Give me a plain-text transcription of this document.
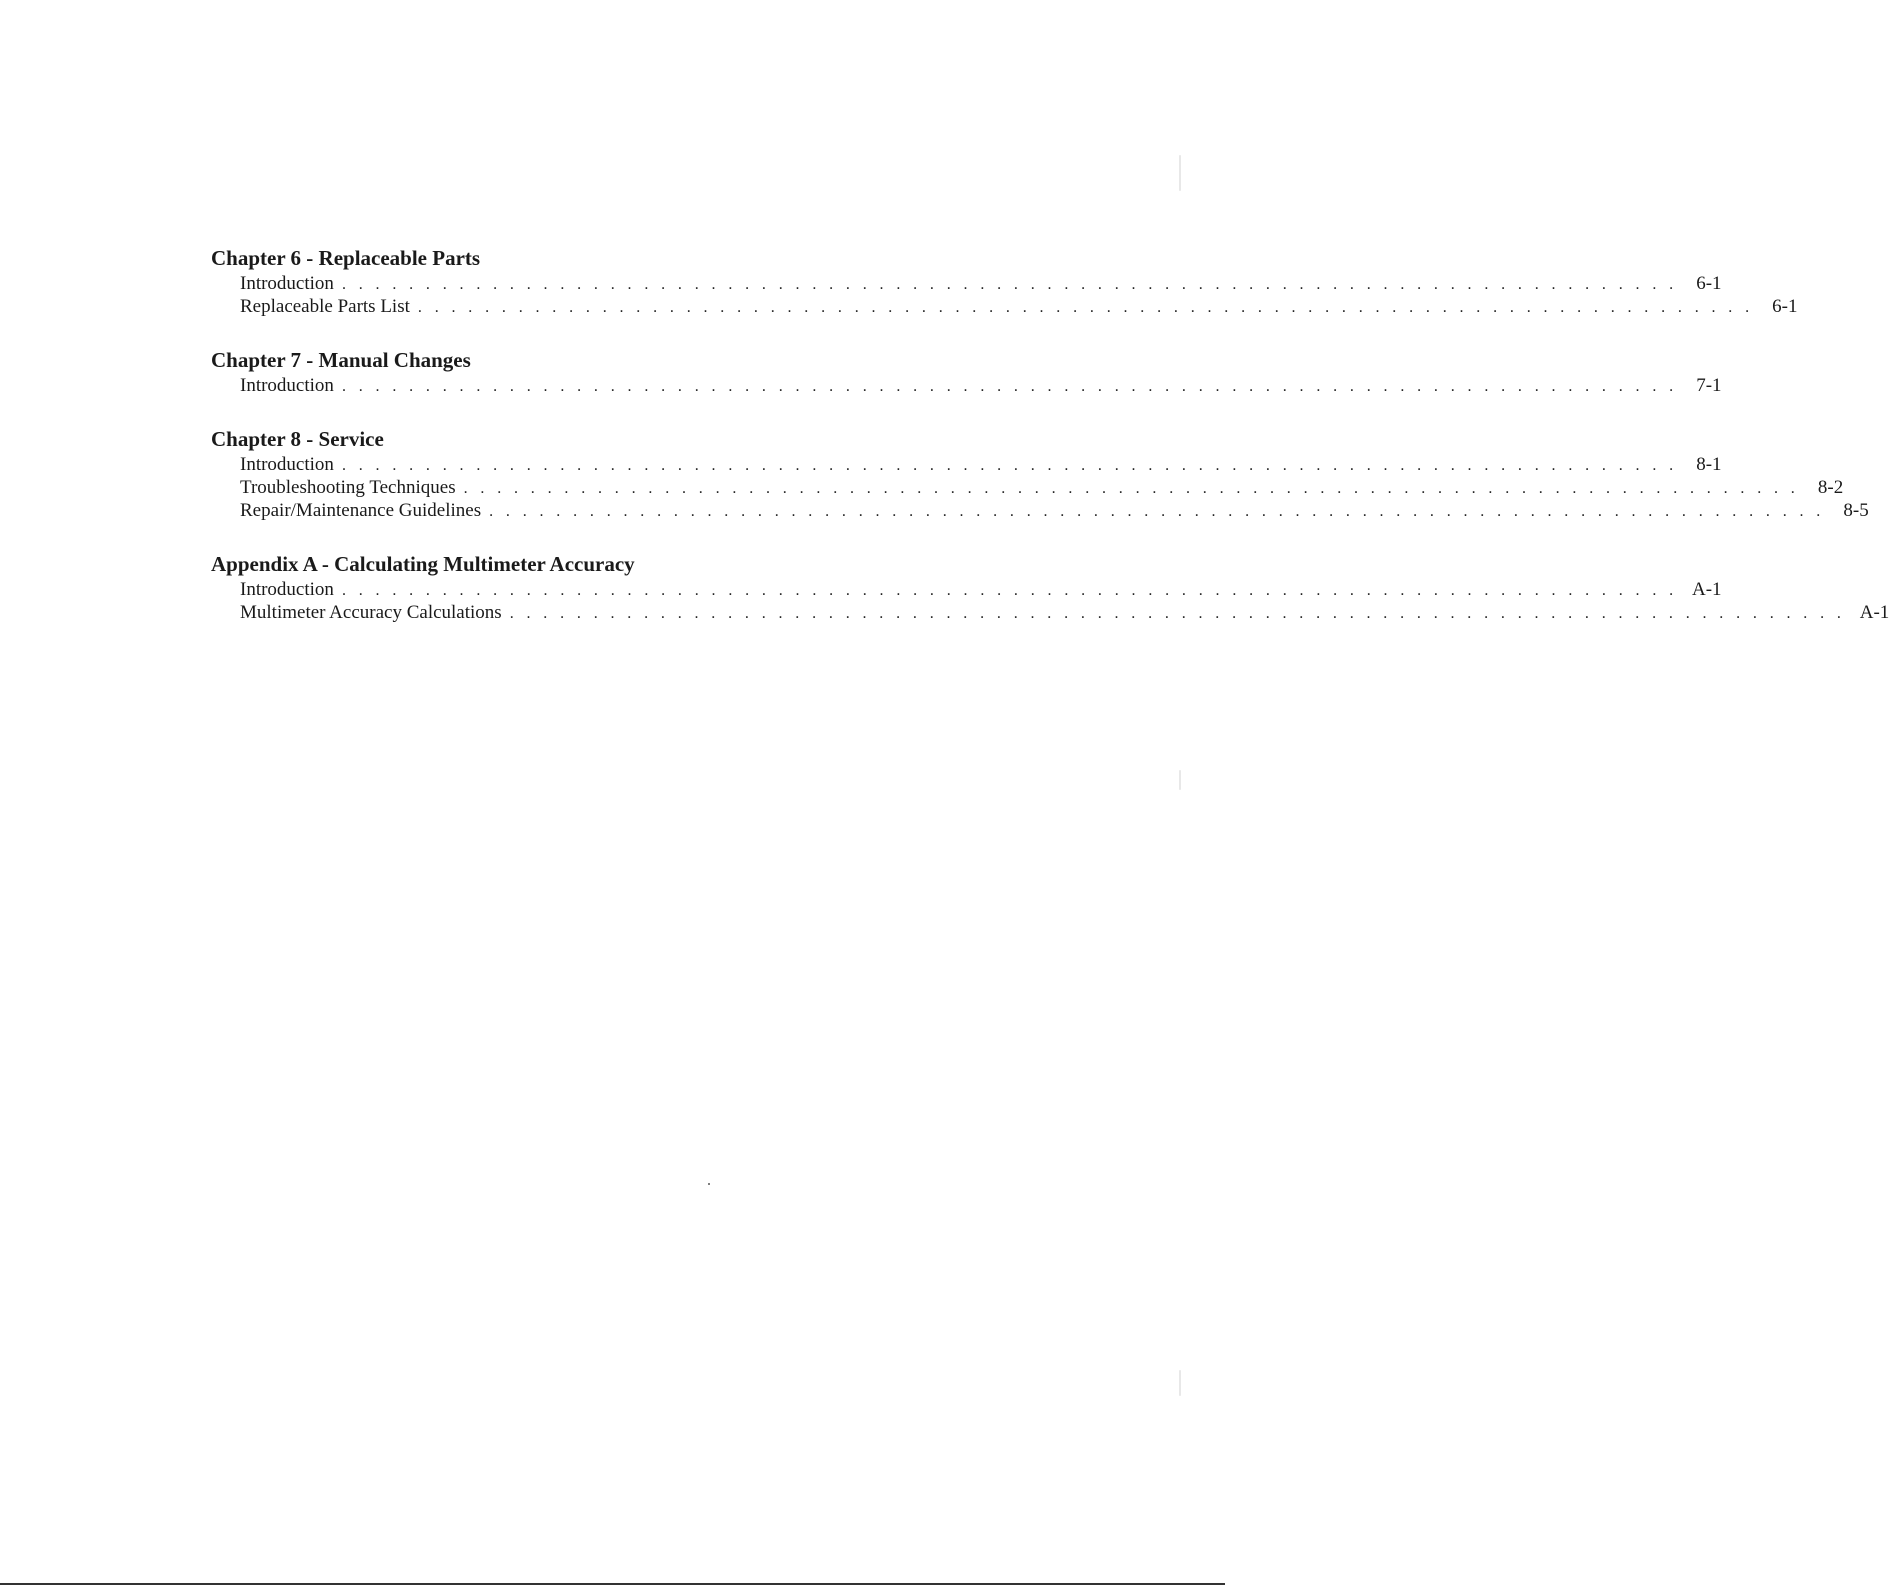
Chapter 6 - Replaceable Parts
Introduction . . . . . . . . . . . . . . . . . . . . . . . . . . . . . . . . . . . . . . . . . . . . . . . . . . . . . . . . . . . . . . . . . . . . . . . . . . . . . . . . 6-1
Replaceable Parts List . . . . . . . . . . . . . . . . . . . . . . . . . . . . . . . . . . . . . . . . . . . . . . . . . . . . . . . . . . . . . . . . . . . . . . . . . . . . . . . . 6-1
Chapter 7 - Manual Changes
Introduction . . . . . . . . . . . . . . . . . . . . . . . . . . . . . . . . . . . . . . . . . . . . . . . . . . . . . . . . . . . . . . . . . . . . . . . . . . . . . . . . 7-1
Chapter 8 - Service
Introduction . . . . . . . . . . . . . . . . . . . . . . . . . . . . . . . . . . . . . . . . . . . . . . . . . . . . . . . . . . . . . . . . . . . . . . . . . . . . . . . . 8-1
Troubleshooting Techniques . . . . . . . . . . . . . . . . . . . . . . . . . . . . . . . . . . . . . . . . . . . . . . . . . . . . . . . . . . . . . . . . . . . . . . . . . . . . . . . . 8-2
Repair/Maintenance Guidelines . . . . . . . . . . . . . . . . . . . . . . . . . . . . . . . . . . . . . . . . . . . . . . . . . . . . . . . . . . . . . . . . . . . . . . . . . . . . . . . . 8-5
Appendix A - Calculating Multimeter Accuracy
Introduction . . . . . . . . . . . . . . . . . . . . . . . . . . . . . . . . . . . . . . . . . . . . . . . . . . . . . . . . . . . . . . . . . . . . . . . . . . . . . . . . A-1
Multimeter Accuracy Calculations . . . . . . . . . . . . . . . . . . . . . . . . . . . . . . . . . . . . . . . . . . . . . . . . . . . . . . . . . . . . . . . . . . . . . . . . . . . . . . . . A-1
